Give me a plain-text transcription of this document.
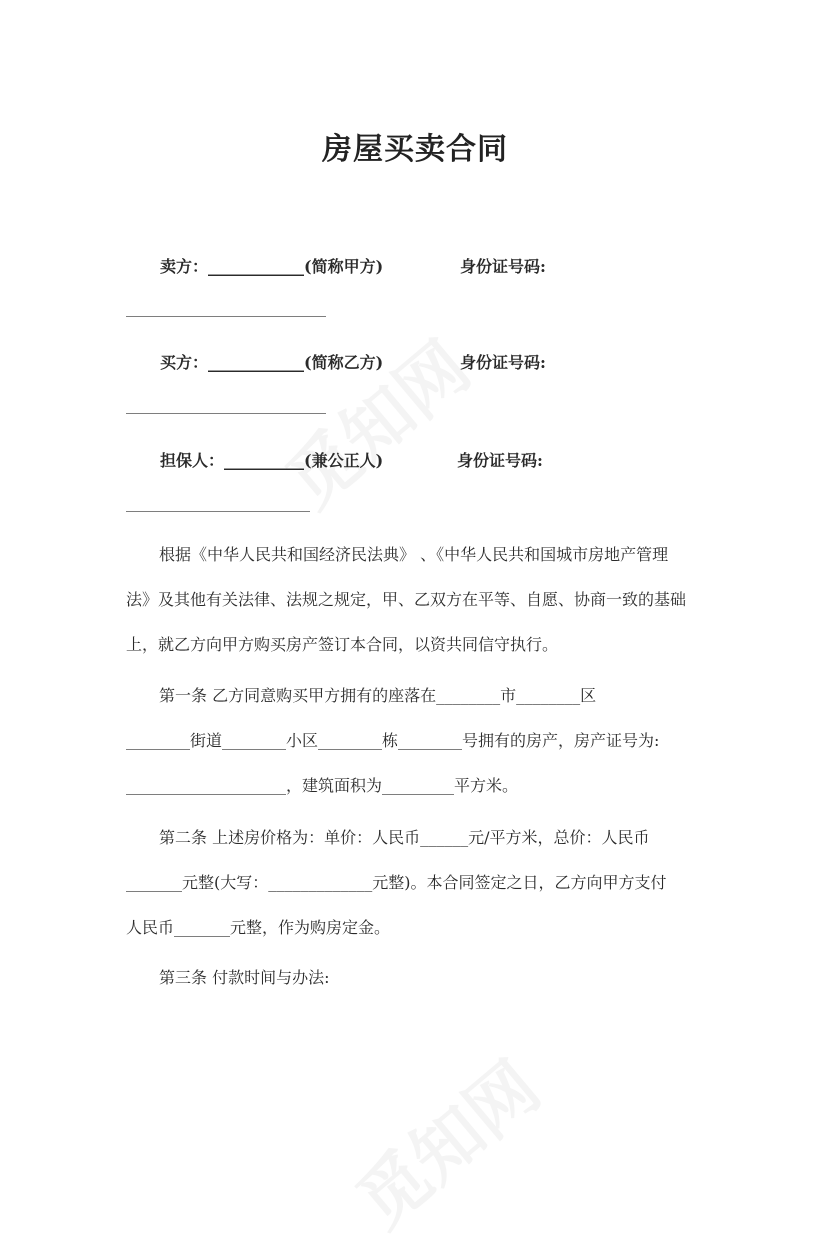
房屋买卖合同
卖方：____________(简称甲方)	身份证号码:
_________________________
买方：____________(简称乙方)	身份证号码:
_________________________
担保人：__________(兼公正人)	身份证号码:
_______________________
根据《中华人民共和国经济民法典》 、《中华人民共和国城市房地产管理
法》及其他有关法律、法规之规定，甲、乙双方在平等、自愿、协商一致的基础
上，就乙方向甲方购买房产签订本合同，以资共同信守执行。
第一条 乙方同意购买甲方拥有的座落在________市________区
________街道________小区________栋________号拥有的房产，房产证号为:
____________________，建筑面积为_________平方米。
第二条 上述房价格为：单价：人民币______元/平方米，总价：人民币
_______元整(大写：_____________元整)。本合同签定之日，乙方向甲方支付
人民币_______元整，作为购房定金。
第三条 付款时间与办法:
